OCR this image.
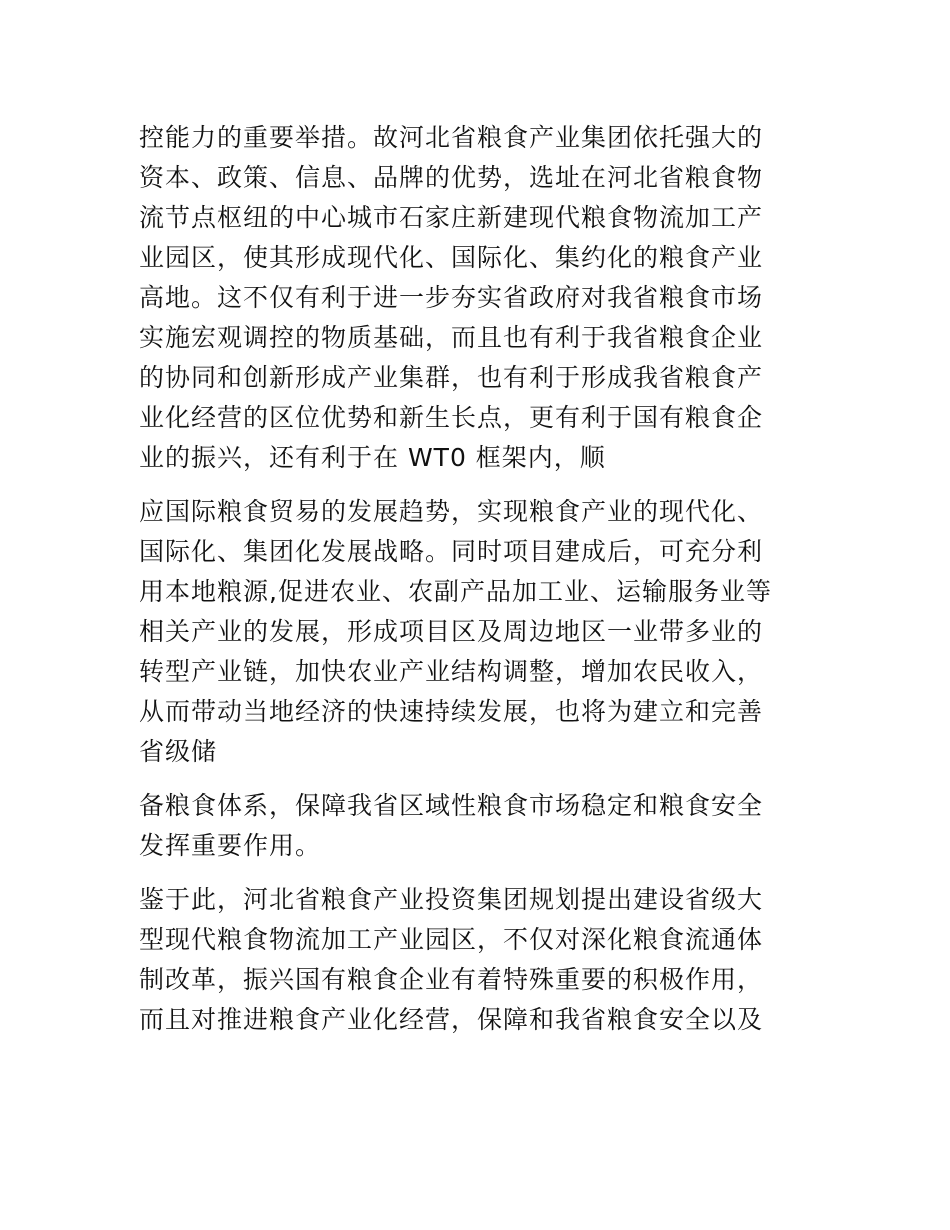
控能力的重要举措。故河北省粮食产业集团依托强大的
资本、政策、信息、品牌的优势，选址在河北省粮食物
流节点枢纽的中心城市石家庄新建现代粮食物流加工产
业园区，使其形成现代化、国际化、集约化的粮食产业
高地。这不仅有利于进一步夯实省政府对我省粮食市场
实施宏观调控的物质基础，而且也有利于我省粮食企业
的协同和创新形成产业集群，也有利于形成我省粮食产
业化经营的区位优势和新生长点，更有利于国有粮食企
业的振兴，还有利于在 WT0 框架内，顺

应国际粮食贸易的发展趋势，实现粮食产业的现代化、
国际化、集团化发展战略。同时项目建成后，可充分利
用本地粮源,促进农业、农副产品加工业、运输服务业等
相关产业的发展，形成项目区及周边地区一业带多业的
转型产业链，加快农业产业结构调整，增加农民收入，
从而带动当地经济的快速持续发展，也将为建立和完善
省级储

备粮食体系，保障我省区域性粮食市场稳定和粮食安全
发挥重要作用。

鉴于此，河北省粮食产业投资集团规划提出建设省级大
型现代粮食物流加工产业园区，不仅对深化粮食流通体
制改革，振兴国有粮食企业有着特殊重要的积极作用，
而且对推进粮食产业化经营，保障和我省粮食安全以及
